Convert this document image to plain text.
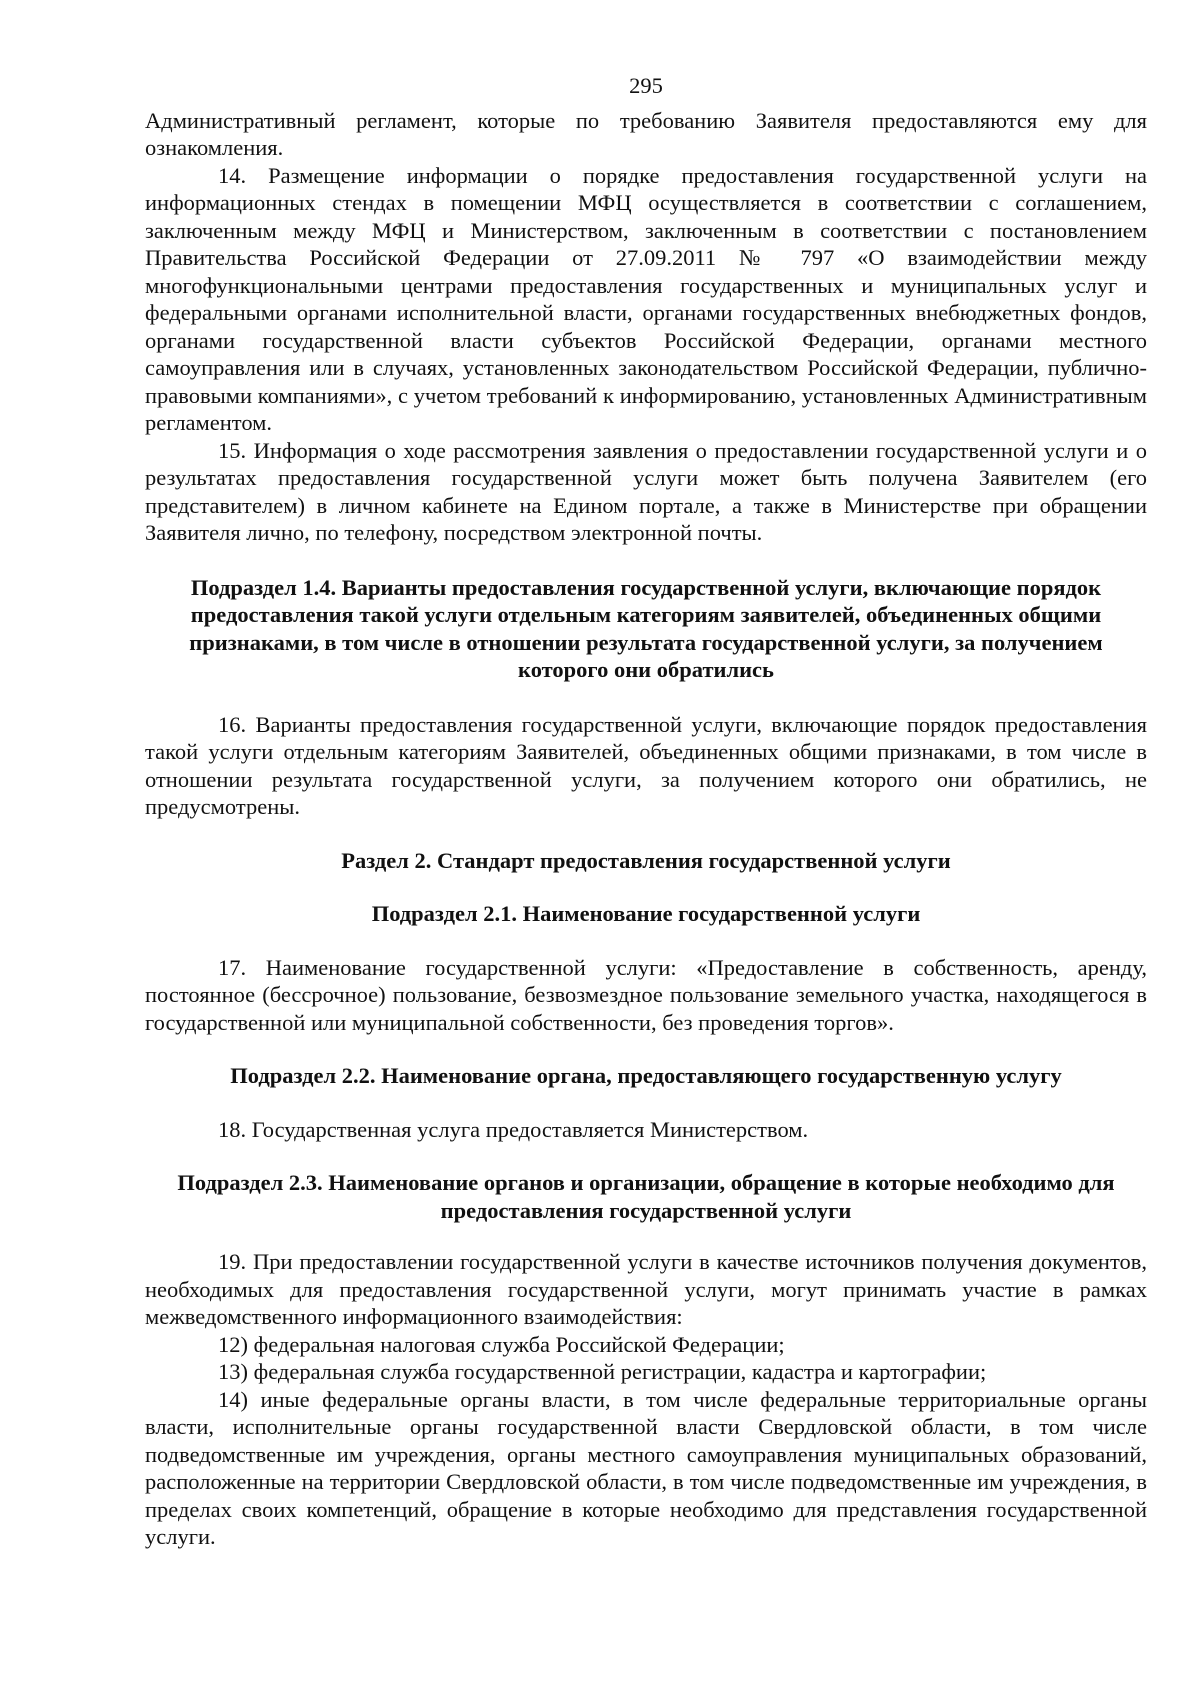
295

Административный регламент, которые по требованию Заявителя предоставляются ему для ознакомления.

14. Размещение информации о порядке предоставления государственной услуги на информационных стендах в помещении МФЦ осуществляется в соответствии с соглашением, заключенным между МФЦ и Министерством, заключенным в соответствии с постановлением Правительства Российской Федерации от 27.09.2011 № 797 «О взаимодействии между многофункциональными центрами предоставления государственных и муниципальных услуг и федеральными органами исполнительной власти, органами государственных внебюджетных фондов, органами государственной власти субъектов Российской Федерации, органами местного самоуправления или в случаях, установленных законодательством Российской Федерации, публично-правовыми компаниями», с учетом требований к информированию, установленных Административным регламентом.

15. Информация о ходе рассмотрения заявления о предоставлении государственной услуги и о результатах предоставления государственной услуги может быть получена Заявителем (его представителем) в личном кабинете на Едином портале, а также в Министерстве при обращении Заявителя лично, по телефону, посредством электронной почты.

Подраздел 1.4. Варианты предоставления государственной услуги, включающие порядок предоставления такой услуги отдельным категориям заявителей, объединенных общими признаками, в том числе в отношении результата государственной услуги, за получением которого они обратились

16. Варианты предоставления государственной услуги, включающие порядок предоставления такой услуги отдельным категориям Заявителей, объединенных общими признаками, в том числе в отношении результата государственной услуги, за получением которого они обратились, не предусмотрены.

Раздел 2. Стандарт предоставления государственной услуги
Подраздел 2.1. Наименование государственной услуги

17. Наименование государственной услуги: «Предоставление в собственность, аренду, постоянное (бессрочное) пользование, безвозмездное пользование земельного участка, находящегося в государственной или муниципальной собственности, без проведения торгов».

Подраздел 2.2. Наименование органа, предоставляющего государственную услугу

18. Государственная услуга предоставляется Министерством.

Подраздел 2.3. Наименование органов и организации, обращение в которые необходимо для предоставления государственной услуги

19. При предоставлении государственной услуги в качестве источников получения документов, необходимых для предоставления государственной услуги, могут принимать участие в рамках межведомственного информационного взаимодействия:

12) федеральная налоговая служба Российской Федерации;

13) федеральная служба государственной регистрации, кадастра и картографии;

14) иные федеральные органы власти, в том числе федеральные территориальные органы власти, исполнительные органы государственной власти Свердловской области, в том числе подведомственные им учреждения, органы местного самоуправления муниципальных образований, расположенные на территории Свердловской области, в том числе подведомственные им учреждения, в пределах своих компетенций, обращение в которые необходимо для представления государственной услуги.
